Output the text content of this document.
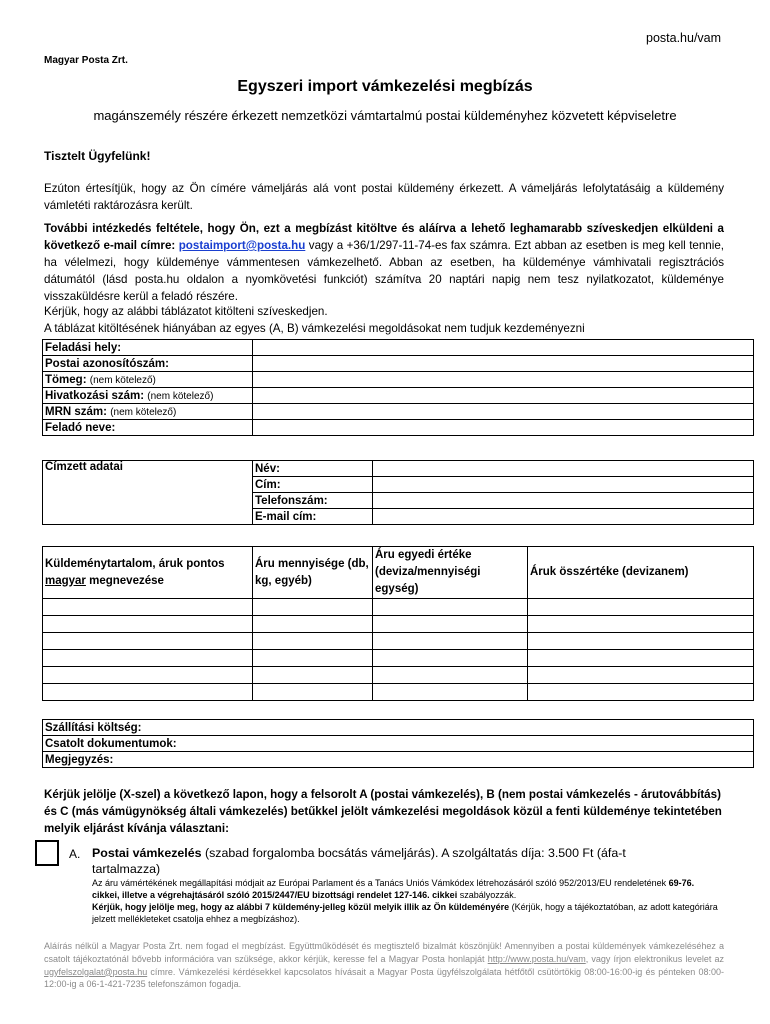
posta.hu/vam
Magyar Posta Zrt.
Egyszeri import vámkezelési megbízás
magánszemély részére érkezett nemzetközi vámtartalmú postai küldeményhez közvetett képviseletre
Tisztelt Ügyfelünk!
Ezúton értesítjük, hogy az Ön címére vámeljárás alá vont postai küldemény érkezett. A vámeljárás lefolytatásáig a küldemény vámletéti raktározásra került.
További intézkedés feltétele, hogy Ön, ezt a megbízást kitöltve és aláírva a lehető leghamarabb szíveskedjen elküldeni a következő e-mail címre: postaimport@posta.hu vagy a +36/1/297-11-74-es fax számra. Ezt abban az esetben is meg kell tennie, ha vélelmezi, hogy küldeménye vámmentesen vámkezelhető. Abban az esetben, ha küldeménye vámhivatali regisztrációs dátumától (lásd posta.hu oldalon a nyomkövetési funkciót) számítva 20 naptári napig nem tesz nyilatkozatot, küldeménye visszaküldésre kerül a feladó részére.
Kérjük, hogy az alábbi táblázatot kitölteni szíveskedjen.
A táblázat kitöltésének hiányában az egyes (A, B) vámkezelési megoldásokat nem tudjuk kezdeményezni
Feladási hely:	
Postai azonosítószám:	
Tömeg: (nem kötelező)	
Hivatkozási szám: (nem kötelező)	
MRN szám: (nem kötelező)	
Feladó neve:	
Címzett adatai	Név:	
	Cím:	
	Telefonszám:	
	E-mail cím:	
Küldeménytartalom, áruk pontos magyar megnevezése	Áru mennyisége (db, kg, egyéb)	Áru egyedi értéke (deviza/mennyiségi egység)	Áruk összértéke (devizanem)

Szállítási költség:	
Csatolt dokumentumok:	
Megjegyzés:	
Kérjük jelölje (X-szel) a következő lapon, hogy a felsorolt A (postai vámkezelés), B (nem postai vámkezelés - árutovábbítás) és C (más vámügynökség általi vámkezelés) betűkkel jelölt vámkezelési megoldások közül a fenti küldeménye tekintetében melyik eljárást kívánja választani:
A. Postai vámkezelés (szabad forgalomba bocsátás vámeljárás). A szolgáltatás díja: 3.500 Ft (áfa-t tartalmazza)
Az áru vámértékének megállapítási módjait az Európai Parlament és a Tanács Uniós Vámkódex létrehozásáról szóló 952/2013/EU rendeletének 69-76. cikkei, illetve a végrehajtásáról szóló 2015/2447/EU bizottsági rendelet 127-146. cikkei szabályozzák.
Kérjük, hogy jelölje meg, hogy az alábbi 7 küldemény-jelleg közül melyik illik az Ön küldeményére (Kérjük, hogy a tájékoztatóban, az adott kategóriára jelzett mellékleteket csatolja ehhez a megbízáshoz).
Aláírás nélkül a Magyar Posta Zrt. nem fogad el megbízást. Együttműködését és megtisztelő bizalmát köszönjük! Amennyiben a postai küldemények vámkezeléséhez a csatolt tájékoztatónál bővebb információra van szüksége, akkor kérjük, keresse fel a Magyar Posta honlapját http://www.posta.hu/vam, vagy írjon elektronikus levelet az ugyfelszolgalat@posta.hu címre. Vámkezelési kérdésekkel kapcsolatos hívásait a Magyar Posta ügyfélszolgálata hétfőtől csütörtökig 08:00-16:00-ig és pénteken 08:00-12:00-ig a 06-1-421-7235 telefonszámon fogadja.
